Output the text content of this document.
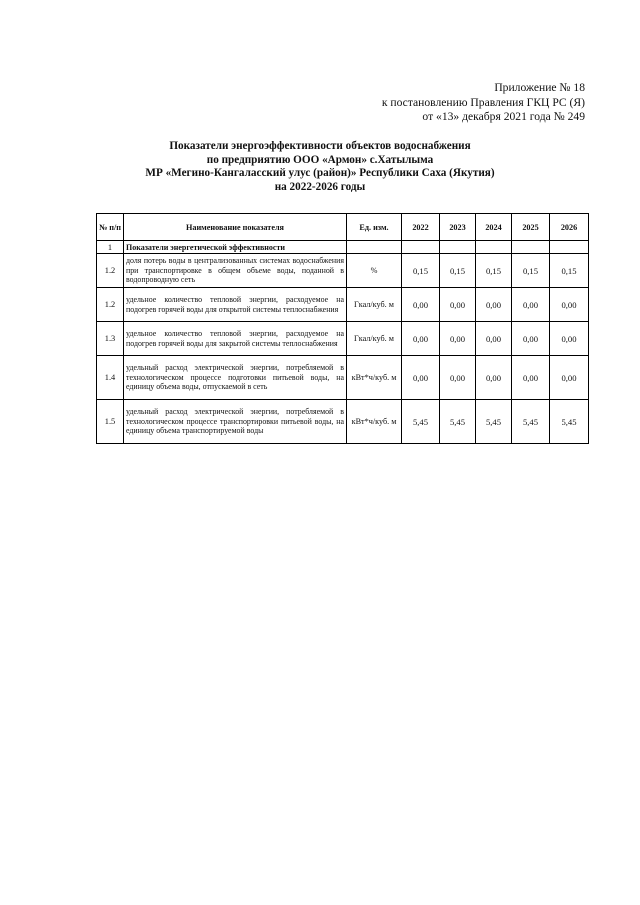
Приложение № 18
к постановлению Правления ГКЦ РС (Я)
от «13» декабря 2021 года № 249
Показатели энергоэффективности объектов водоснабжения
по предприятию ООО «Армон» с.Хатылыма
МР «Мегино-Кангаласский улус (район)» Республики Саха (Якутия)
на 2022-2026 годы
№ п/п	Наименование показателя	Ед. изм.	2022	2023	2024	2025	2026
1	Показатели энергетической эффективности						
1.2	доля потерь воды в централизованных системах водоснабжения при транспортировке в общем объеме воды, поданной в водопроводную сеть	%	0,15	0,15	0,15	0,15	0,15
1.2	удельное количество тепловой энергии, расходуемое на подогрев горячей воды для открытой системы теплоснабжения	Гкал/куб. м	0,00	0,00	0,00	0,00	0,00
1.3	удельное количество тепловой энергии, расходуемое на подогрев горячей воды для закрытой системы теплоснабжения	Гкал/куб. м	0,00	0,00	0,00	0,00	0,00
1.4	удельный расход электрической энергии, потребляемой в технологическом процессе подготовки питьевой воды, на единицу объема воды, отпускаемой в сеть	кВт*ч/куб. м	0,00	0,00	0,00	0,00	0,00
1.5	удельный расход электрической энергии, потребляемой в технологическом процессе транспортировки питьевой воды, на единицу объема транспортируемой воды	кВт*ч/куб. м	5,45	5,45	5,45	5,45	5,45
